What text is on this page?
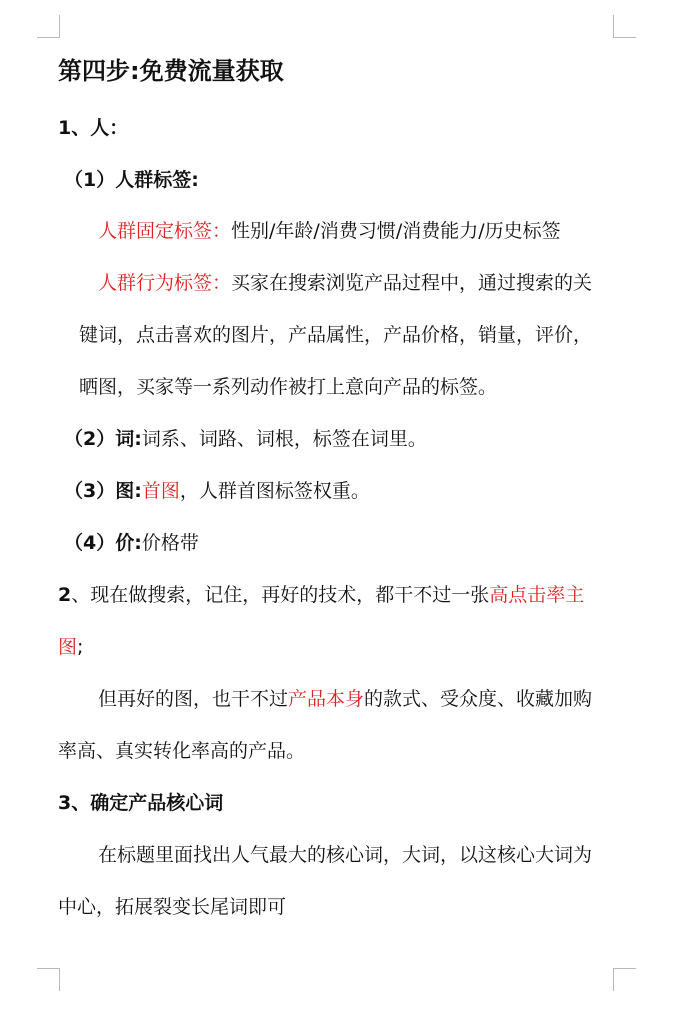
第四步:免费流量获取
1、人：
（1）人群标签:
人群固定标签：性别/年龄/消费习惯/消费能力/历史标签
人群行为标签：买家在搜索浏览产品过程中，通过搜索的关
键词，点击喜欢的图片，产品属性，产品价格，销量，评价，
晒图，买家等一系列动作被打上意向产品的标签。
（2）词:词系、词路、词根，标签在词里。
（3）图:首图，人群首图标签权重。
（4）价:价格带
2、现在做搜索，记住，再好的技术，都干不过一张高点击率主
图;
但再好的图，也干不过产品本身的款式、受众度、收藏加购
率高、真实转化率高的产品。
3、确定产品核心词
在标题里面找出人气最大的核心词，大词，以这核心大词为
中心，拓展裂变长尾词即可
